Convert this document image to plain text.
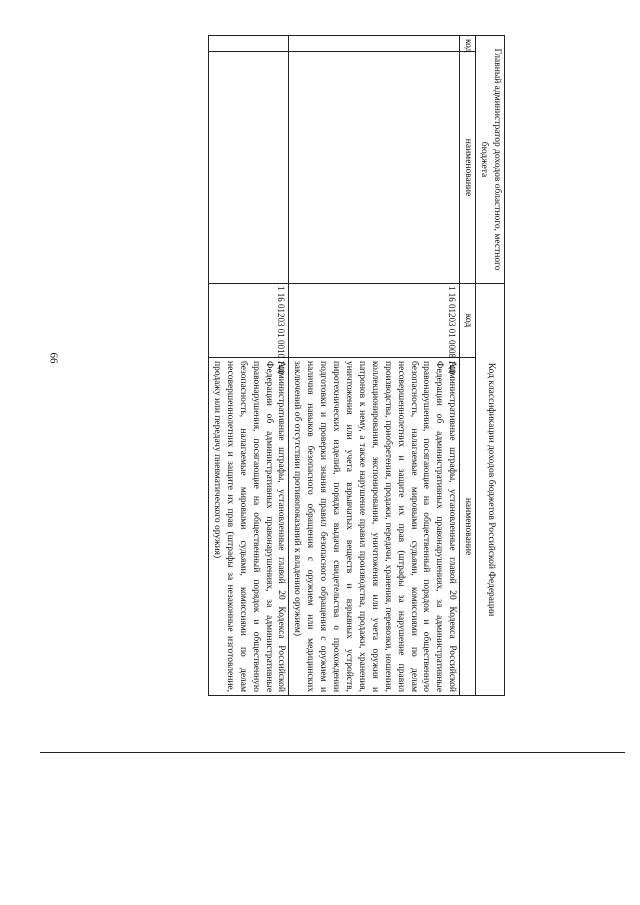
66
Главный администратор доходов областного, местного бюджета		Код классификации доходов бюджетов Российской Федерации	
код	наименование	код	наименование
		1 16 01203 01 0008 140	Административные штрафы, установленные главой 20 Кодекса Российской Федерации об административных правонарушениях, за административные правонарушения, посягающие на общественный порядок и общественную безопасность, налагаемые мировыми судьями, комиссиями по делам несовершеннолетних и защите их прав (штрафы за нарушение правил производства, приобретения, продажи, передачи, хранения, перевозки, ношения, коллекционирования, экспонирования, уничтожения или учета оружия и патронов к нему, а также нарушение правил производства, продажи, хранения, уничтожения или учета взрывчатых веществ и взрывных устройств, пиротехнических изделий, порядка выдачи свидетельства о прохождении подготовки и проверки знания правил безопасного обращения с оружием и наличия навыков безопасного обращения с оружием или медицинских заключений об отсутствии противопоказаний к владению оружием)
		1 16 01203 01 0010 140	Административные штрафы, установленные главой 20 Кодекса Российской Федерации об административных правонарушениях, за административные правонарушения, посягающие на общественный порядок и общественную безопасность, налагаемые мировыми судьями, комиссиями по делам несовершеннолетних и защите их прав (штрафы за незаконные изготовление, продажу или передачу пневматического оружия)
